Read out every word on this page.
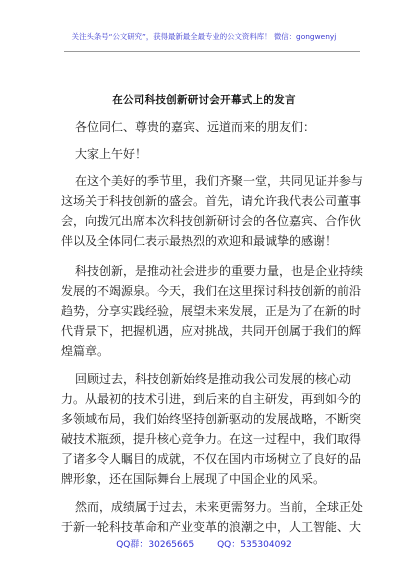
关注头条号“公文研究”，获得最新最全最专业的公文资料库！ 微信：gongwenyj
在公司科技创新研讨会开幕式上的发言
各位同仁、尊贵的嘉宾、远道而来的朋友们：
大家上午好！
在这个美好的季节里，我们齐聚一堂，共同见证并参与
这场关于科技创新的盛会。首先，请允许我代表公司董事
会，向拨冗出席本次科技创新研讨会的各位嘉宾、合作伙
伴以及全体同仁表示最热烈的欢迎和最诚挚的感谢！
科技创新，是推动社会进步的重要力量，也是企业持续
发展的不竭源泉。今天，我们在这里探讨科技创新的前沿
趋势，分享实践经验，展望未来发展，正是为了在新的时
代背景下，把握机遇，应对挑战，共同开创属于我们的辉
煌篇章。
回顾过去，科技创新始终是推动我公司发展的核心动
力。从最初的技术引进，到后来的自主研发，再到如今的
多领域布局，我们始终坚持创新驱动的发展战略，不断突
破技术瓶颈，提升核心竞争力。在这一过程中，我们取得
了诸多令人瞩目的成就，不仅在国内市场树立了良好的品
牌形象，还在国际舞台上展现了中国企业的风采。
然而，成绩属于过去，未来更需努力。当前，全球正处
于新一轮科技革命和产业变革的浪潮之中，人工智能、大
QQ群：30265665	QQ：535304092
